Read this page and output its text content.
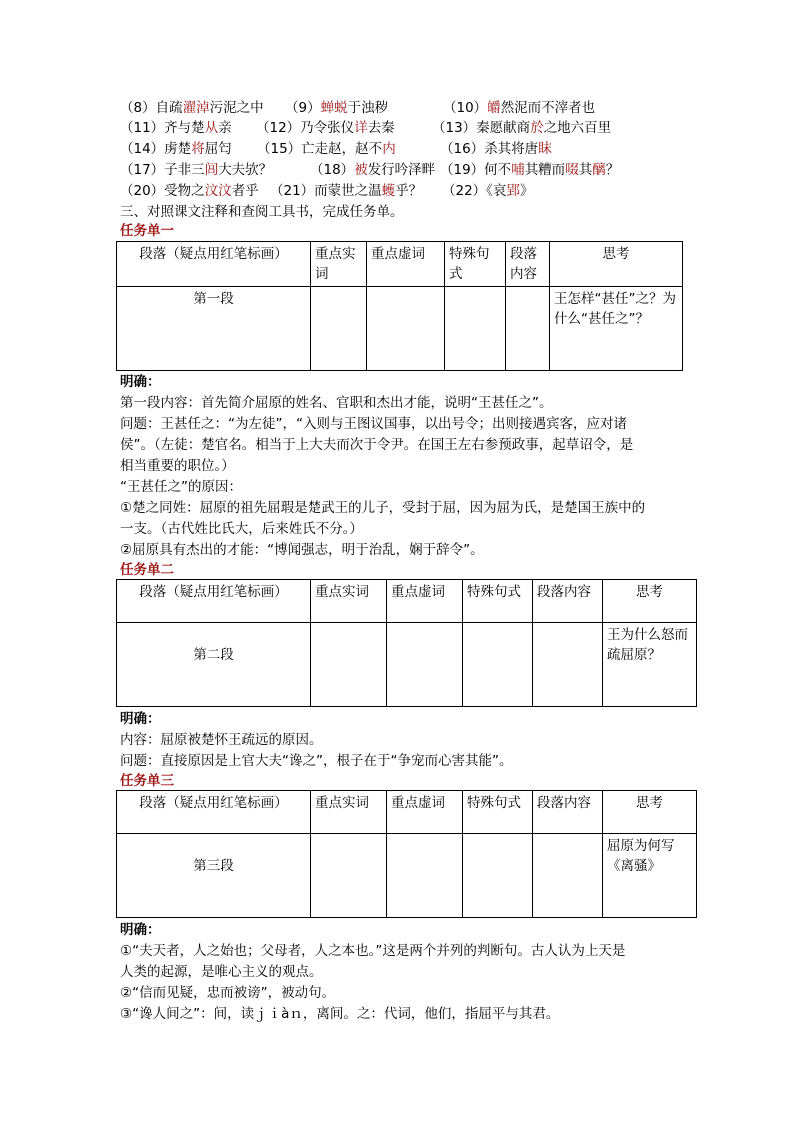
（8）自疏濯淖污泥之中 （9）蝉蜕于浊秽	（10）皭然泥而不滓者也
（11）齐与楚从亲 （12）乃令张仪详去秦	（13）秦愿献商於之地六百里
（14）虏楚将屈匄 （15）亡走赵，赵不内	（16）杀其将唐眜
（17）子非三闾大夫欤？	（18）被发行吟泽畔 （19）何不哺其糟而啜其醨？
（20）受物之汶汶者乎 （21）而蒙世之温蠖乎？ （22）《哀郢》
三、对照课文注释和查阅工具书，完成任务单。
任务单一
段落（疑点用红笔标画）	重点实词	重点虚词	特殊句式	段落内容	思考
第一段					王怎样“甚任”之？为什么“甚任之”？
明确：
第一段内容：首先简介屈原的姓名、官职和杰出才能，说明“王甚任之”。
问题：王甚任之：“为左徒”，“入则与王图议国事，以出号令；出则接遇宾客，应对诸
侯”。（左徒：楚官名。相当于上大夫而次于令尹。在国王左右参预政事，起草诏令，是
相当重要的职位。）
“王甚任之”的原因：
①楚之同姓：屈原的祖先屈瑕是楚武王的儿子，受封于屈，因为屈为氏，是楚国王族中的
一支。（古代姓比氏大，后来姓氏不分。）
②屈原具有杰出的才能：“博闻强志，明于治乱，娴于辞令”。
任务单二
段落（疑点用红笔标画）	重点实词	重点虚词	特殊句式	段落内容	思考
第二段					王为什么怒而疏屈原？
明确：
内容：屈原被楚怀王疏远的原因。
问题：直接原因是上官大夫“谗之”，根子在于“争宠而心害其能”。
任务单三
段落（疑点用红笔标画）	重点实词	重点虚词	特殊句式	段落内容	思考
第三段					屈原为何写《离骚》
明确：
①“夫天者，人之始也；父母者，人之本也。”这是两个并列的判断句。古人认为上天是
人类的起源，是唯心主义的观点。
②“信而见疑，忠而被谤”，被动句。
③“谗人间之”：间，读ｊｉàｎ，离间。之：代词，他们，指屈平与其君。
